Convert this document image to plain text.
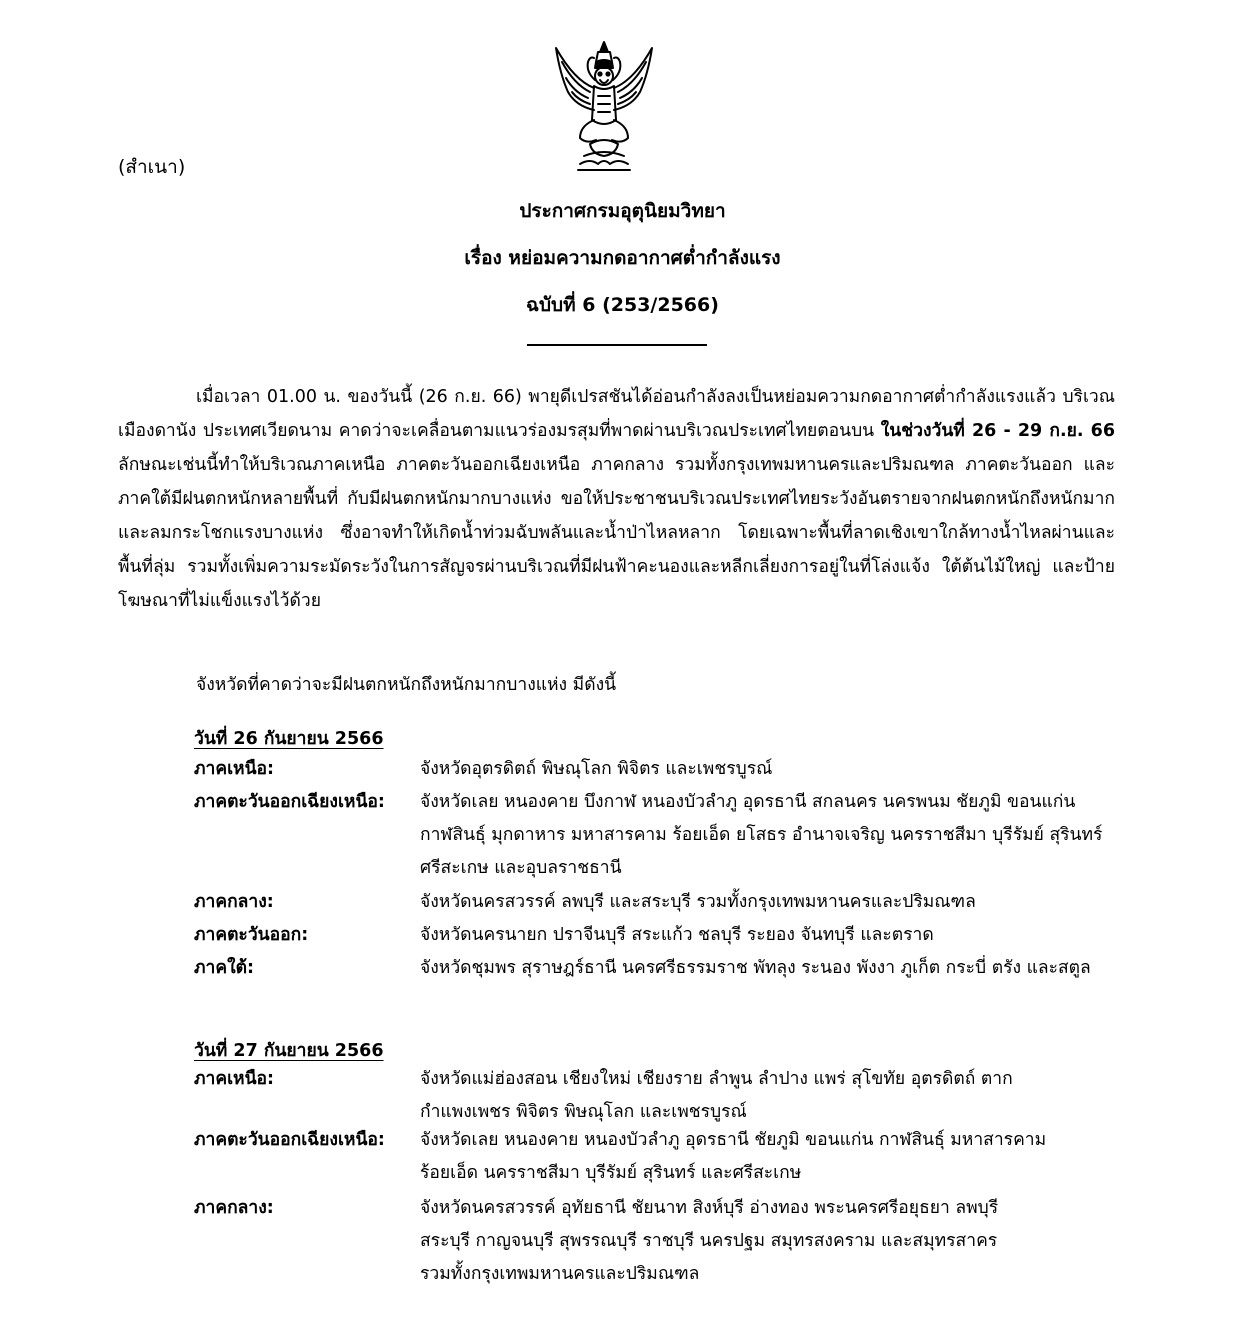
(สำเนา)
ประกาศกรมอุตุนิยมวิทยา
เรื่อง หย่อมความกดอากาศต่ำกำลังแรง
ฉบับที่ 6 (253/2566)

เมื่อเวลา 01.00 น. ของวันนี้ (26 ก.ย. 66) พายุดีเปรสชันได้อ่อนกำลังลงเป็นหย่อมความกดอากาศต่ำกำลังแรงแล้ว บริเวณเมืองดานัง ประเทศเวียดนาม คาดว่าจะเคลื่อนตามแนวร่องมรสุมที่พาดผ่านบริเวณประเทศไทยตอนบน ในช่วงวันที่ 26 - 29 ก.ย. 66 ลักษณะเช่นนี้ทำให้บริเวณภาคเหนือ ภาคตะวันออกเฉียงเหนือ ภาคกลาง รวมทั้งกรุงเทพมหานครและปริมณฑล ภาคตะวันออก และภาคใต้มีฝนตกหนักหลายพื้นที่ กับมีฝนตกหนักมากบางแห่ง ขอให้ประชาชนบริเวณประเทศไทยระวังอันตรายจากฝนตกหนักถึงหนักมากและลมกระโชกแรงบางแห่ง ซึ่งอาจทำให้เกิดน้ำท่วมฉับพลันและน้ำป่าไหลหลาก โดยเฉพาะพื้นที่ลาดเชิงเขาใกล้ทางน้ำไหลผ่านและพื้นที่ลุ่ม รวมทั้งเพิ่มความระมัดระวังในการสัญจรผ่านบริเวณที่มีฝนฟ้าคะนองและหลีกเลี่ยงการอยู่ในที่โล่งแจ้ง ใต้ต้นไม้ใหญ่ และป้ายโฆษณาที่ไม่แข็งแรงไว้ด้วย

จังหวัดที่คาดว่าจะมีฝนตกหนักถึงหนักมากบางแห่ง มีดังนี้
วันที่ 26 กันยายน 2566
ภาคเหนือ:	จังหวัดอุตรดิตถ์ พิษณุโลก พิจิตร และเพชรบูรณ์
ภาคตะวันออกเฉียงเหนือ: จังหวัดเลย หนองคาย บึงกาฬ หนองบัวลำภู อุดรธานี สกลนคร นครพนม ชัยภูมิ ขอนแก่น
กาฬสินธุ์ มุกดาหาร มหาสารคาม ร้อยเอ็ด ยโสธร อำนาจเจริญ นครราชสีมา บุรีรัมย์ สุรินทร์
ศรีสะเกษ และอุบลราชธานี
ภาคกลาง:	จังหวัดนครสวรรค์ ลพบุรี และสระบุรี รวมทั้งกรุงเทพมหานครและปริมณฑล
ภาคตะวันออก:	จังหวัดนครนายก ปราจีนบุรี สระแก้ว ชลบุรี ระยอง จันทบุรี และตราด
ภาคใต้:	จังหวัดชุมพร สุราษฎร์ธานี นครศรีธรรมราช พัทลุง ระนอง พังงา ภูเก็ต กระบี่ ตรัง และสตูล
วันที่ 27 กันยายน 2566
ภาคเหนือ:	จังหวัดแม่ฮ่องสอน เชียงใหม่ เชียงราย ลำพูน ลำปาง แพร่ สุโขทัย อุตรดิตถ์ ตาก
กำแพงเพชร พิจิตร พิษณุโลก และเพชรบูรณ์
ภาคตะวันออกเฉียงเหนือ: จังหวัดเลย หนองคาย หนองบัวลำภู อุดรธานี ชัยภูมิ ขอนแก่น กาฬสินธุ์ มหาสารคาม
ร้อยเอ็ด นครราชสีมา บุรีรัมย์ สุรินทร์ และศรีสะเกษ
ภาคกลาง:	จังหวัดนครสวรรค์ อุทัยธานี ชัยนาท สิงห์บุรี อ่างทอง พระนครศรีอยุธยา ลพบุรี
สระบุรี กาญจนบุรี สุพรรณบุรี ราชบุรี นครปฐม สมุทรสงคราม และสมุทรสาคร
รวมทั้งกรุงเทพมหานครและปริมณฑล
